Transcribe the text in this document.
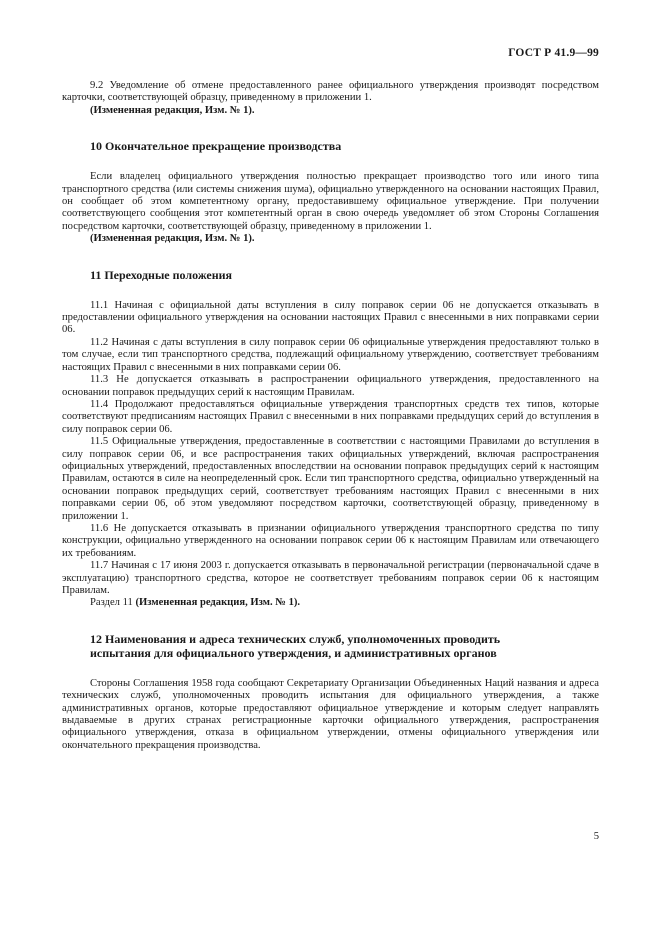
ГОСТ Р 41.9—99

9.2 Уведомление об отмене предоставленного ранее официального утверждения производят посредством карточки, соответствующей образцу, приведенному в приложении 1.

(Измененная редакция, Изм. № 1).

10 Окончательное прекращение производства

Если владелец официального утверждения полностью прекращает производство того или иного типа транспортного средства (или системы снижения шума), официально утвержденного на основании настоящих Правил, он сообщает об этом компетентному органу, предоставившему официальное утверждение. При получении соответствующего сообщения этот компетентный орган в свою очередь уведомляет об этом Стороны Соглашения посредством карточки, соответствующей образцу, приведенному в приложении 1.

(Измененная редакция, Изм. № 1).

11 Переходные положения

11.1 Начиная с официальной даты вступления в силу поправок серии 06 не допускается отказывать в предоставлении официального утверждения на основании настоящих Правил с внесенными в них поправками серии 06.

11.2 Начиная с даты вступления в силу поправок серии 06 официальные утверждения предоставляют только в том случае, если тип транспортного средства, подлежащий официальному утверждению, соответствует требованиям настоящих Правил с внесенными в них поправками серии 06.

11.3 Не допускается отказывать в распространении официального утверждения, предоставленного на основании поправок предыдущих серий к настоящим Правилам.

11.4 Продолжают предоставляться официальные утверждения транспортных средств тех типов, которые соответствуют предписаниям настоящих Правил с внесенными в них поправками предыдущих серий до вступления в силу поправок серии 06.

11.5 Официальные утверждения, предоставленные в соответствии с настоящими Правилами до вступления в силу поправок серии 06, и все распространения таких официальных утверждений, включая распространения официальных утверждений, предоставленных впоследствии на основании поправок предыдущих серий к настоящим Правилам, остаются в силе на неопределенный срок. Если тип транспортного средства, официально утвержденный на основании поправок предыдущих серий, соответствует требованиям настоящих Правил с внесенными в них поправками серии 06, об этом уведомляют посредством карточки, соответствующей образцу, приведенному в приложении 1.

11.6 Не допускается отказывать в признании официального утверждения транспортного средства по типу конструкции, официально утвержденного на основании поправок серии 06 к настоящим Правилам или отвечающего их требованиям.

11.7 Начиная с 17 июня 2003 г. допускается отказывать в первоначальной регистрации (первоначальной сдаче в эксплуатацию) транспортного средства, которое не соответствует требованиям поправок серии 06 к настоящим Правилам.

Раздел 11 (Измененная редакция, Изм. № 1).

12 Наименования и адреса технических служб, уполномоченных проводить
испытания для официального утверждения, и административных органов

Стороны Соглашения 1958 года сообщают Секретариату Организации Объединенных Наций названия и адреса технических служб, уполномоченных проводить испытания для официального утверждения, а также административных органов, которые предоставляют официальное утверждение и которым следует направлять выдаваемые в других странах регистрационные карточки официального утверждения, распространения официального утверждения, отказа в официальном утверждении, отмены официального утверждения или окончательного прекращения производства.

5
